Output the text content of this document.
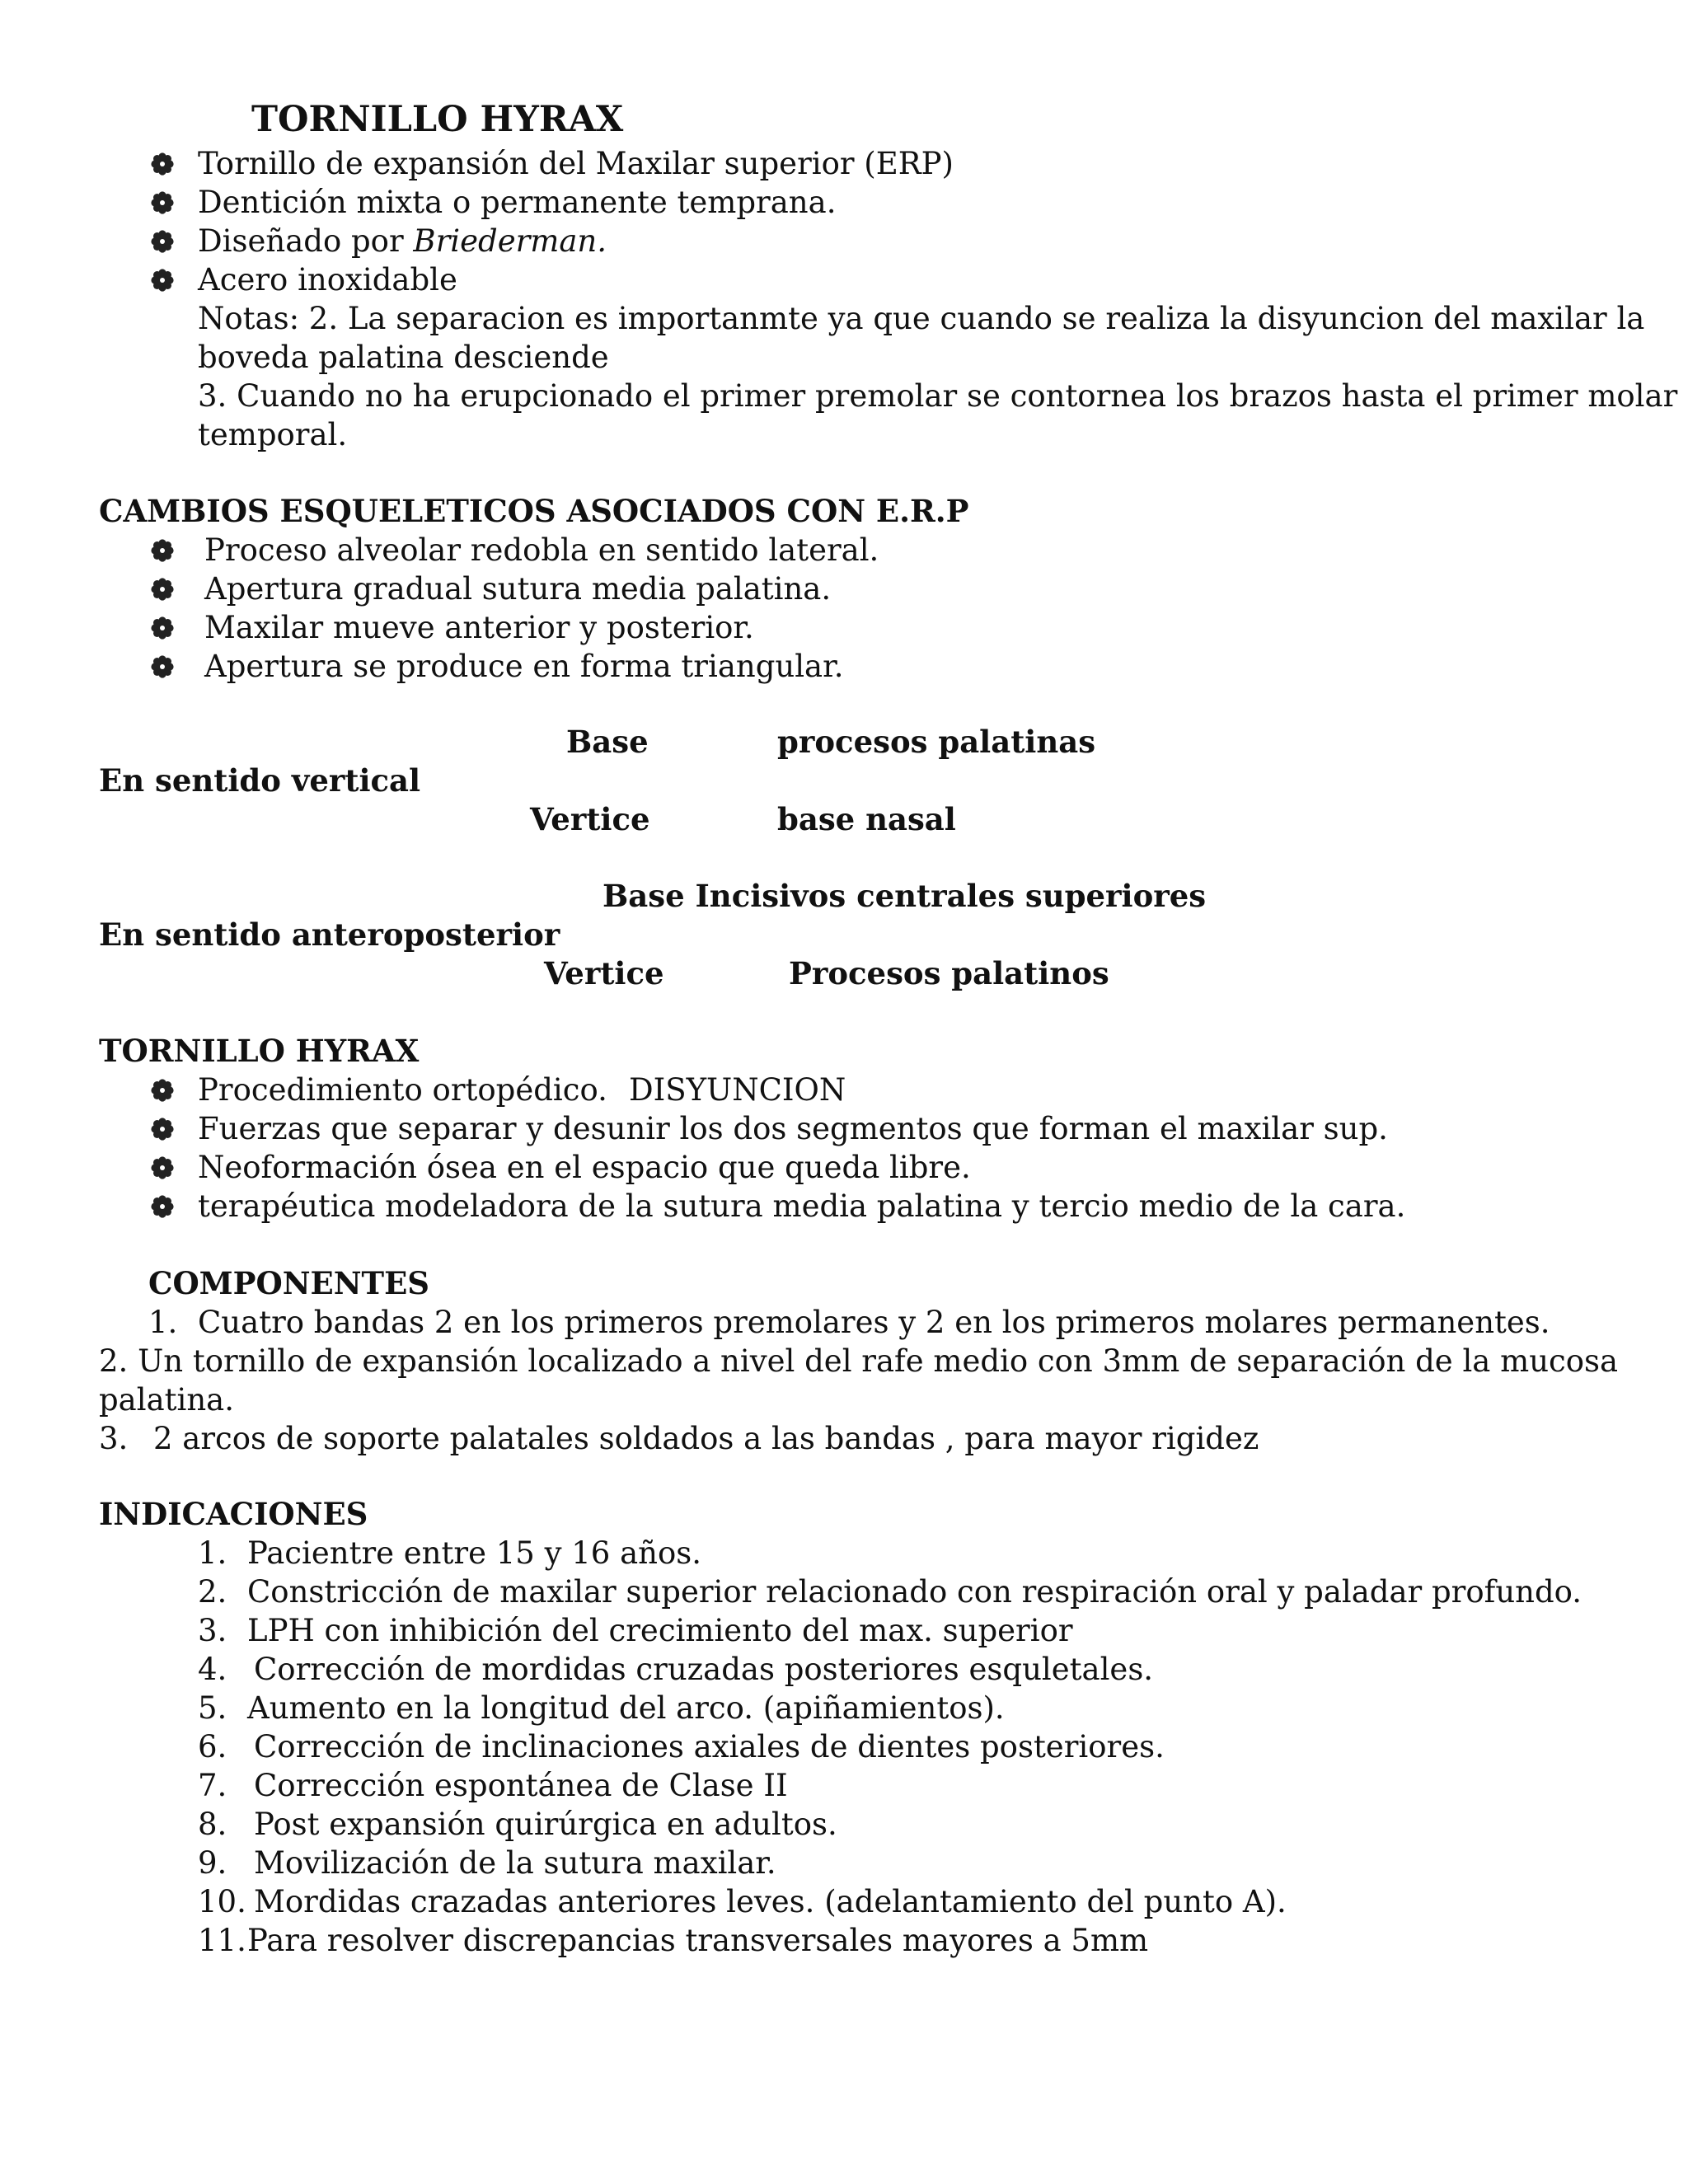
TORNILLO HYRAX
Tornillo de expansión del Maxilar superior (ERP)
Dentición mixta o permanente temprana.
Diseñado por Briederman.
Acero inoxidable
Notas: 2. La separacion es importanmte ya que cuando se realiza la disyuncion del maxilar la
boveda palatina desciende
3. Cuando no ha erupcionado el primer premolar se contornea los brazos hasta el primer molar
temporal.
CAMBIOS ESQUELETICOS ASOCIADOS CON E.R.P
Proceso alveolar redobla en sentido lateral.
Apertura gradual sutura media palatina.
Maxilar mueve anterior y posterior.
Apertura se produce en forma triangular.
Base	procesos palatinas
En sentido vertical
Vertice	base nasal
Base Incisivos centrales superiores
En sentido anteroposterior
Vertice	Procesos palatinos
TORNILLO HYRAX
Procedimiento ortopédico. DISYUNCION
Fuerzas que separar y desunir los dos segmentos que forman el maxilar sup.
Neoformación ósea en el espacio que queda libre.
terapéutica modeladora de la sutura media palatina y tercio medio de la cara.
COMPONENTES
1. Cuatro bandas 2 en los primeros premolares y 2 en los primeros molares permanentes.
2. Un tornillo de expansión localizado a nivel del rafe medio con 3mm de separación de la mucosa
palatina.
3. 2 arcos de soporte palatales soldados a las bandas , para mayor rigidez
INDICACIONES
1. Pacientre entre 15 y 16 años.
2. Constricción de maxilar superior relacionado con respiración oral y paladar profundo.
3. LPH con inhibición del crecimiento del max. superior
4. Corrección de mordidas cruzadas posteriores esquletales.
5. Aumento en la longitud del arco. (apiñamientos).
6. Corrección de inclinaciones axiales de dientes posteriores.
7. Corrección espontánea de Clase II
8. Post expansión quirúrgica en adultos.
9. Movilización de la sutura maxilar.
10. Mordidas crazadas anteriores leves. (adelantamiento del punto A).
11. Para resolver discrepancias transversales mayores a 5mm
